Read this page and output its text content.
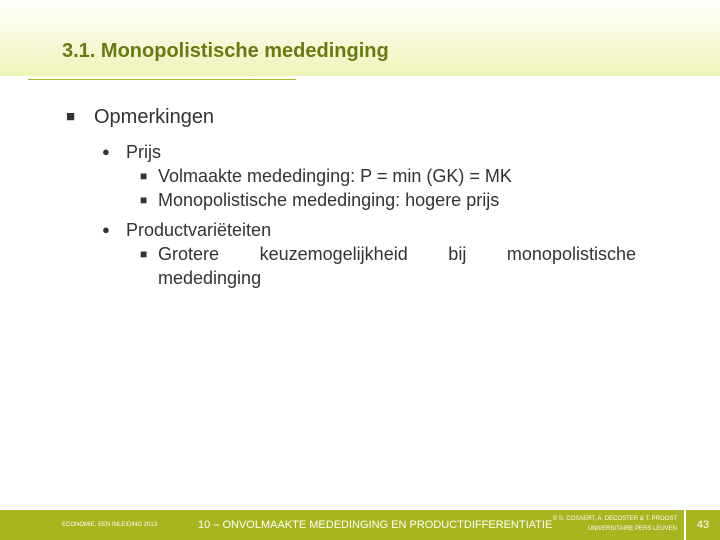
3.1. Monopolistische mededinging
■ Opmerkingen
● Prijs
■ Volmaakte mededinging: P = min (GK) = MK
■ Monopolistische mededinging: hogere prijs
● Productvariëteiten
■ Grotere keuzemogelijkheid bij monopolistische
mededinging
ECONOMIE, EEN INLEIDING 2013	10 – ONVOLMAAKTE MEDEDINGING EN PRODUCTDIFFERENTIATIE © S. COSAERT, A. DECOSTER & T. PROOST
UNIVERSITAIRE PERS LEUVEN	43
